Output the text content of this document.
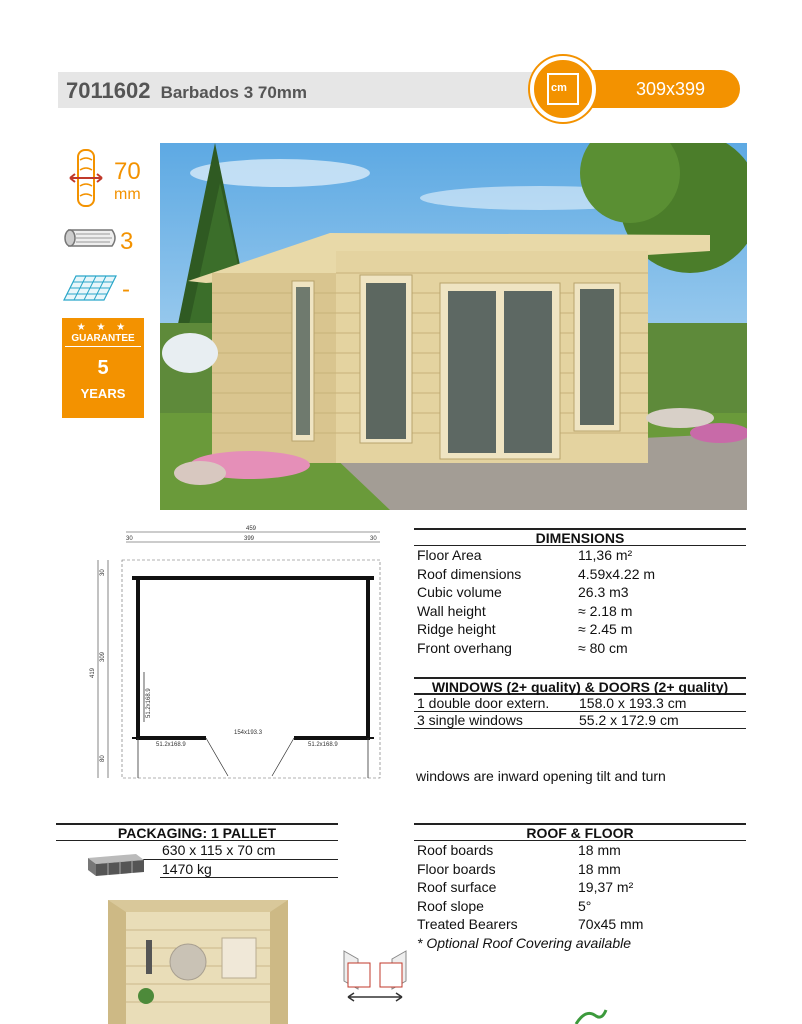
7011602 Barbados 3 70mm	309x399
cm
70
mm
3
-
★ ★ ★
GUARANTEE
5
YEARS
459
30	399	30
419
30
309
80
51.2x168.9
154x193.3
51.2x168.9	51.2x168.9
DIMENSIONS
Floor Area	11,36 m²
Roof dimensions	4.59x4.22 m
Cubic volume	26.3 m3
Wall height	≈ 2.18 m
Ridge height	≈ 2.45 m
Front overhang	≈ 80 cm
WINDOWS (2+ quality) & DOORS (2+ quality)
1 double door extern. 158.0 x 193.3 cm
3 single windows	55.2 x 172.9 cm
windows are inward opening tilt and turn
PACKAGING: 1 PALLET
630 x 115 x 70 cm
1470 kg
ROOF & FLOOR
Roof boards	18 mm
Floor boards	18 mm
Roof surface	19,37 m²
Roof slope	5°
Treated Bearers	70x45 mm
* Optional Roof Covering available
